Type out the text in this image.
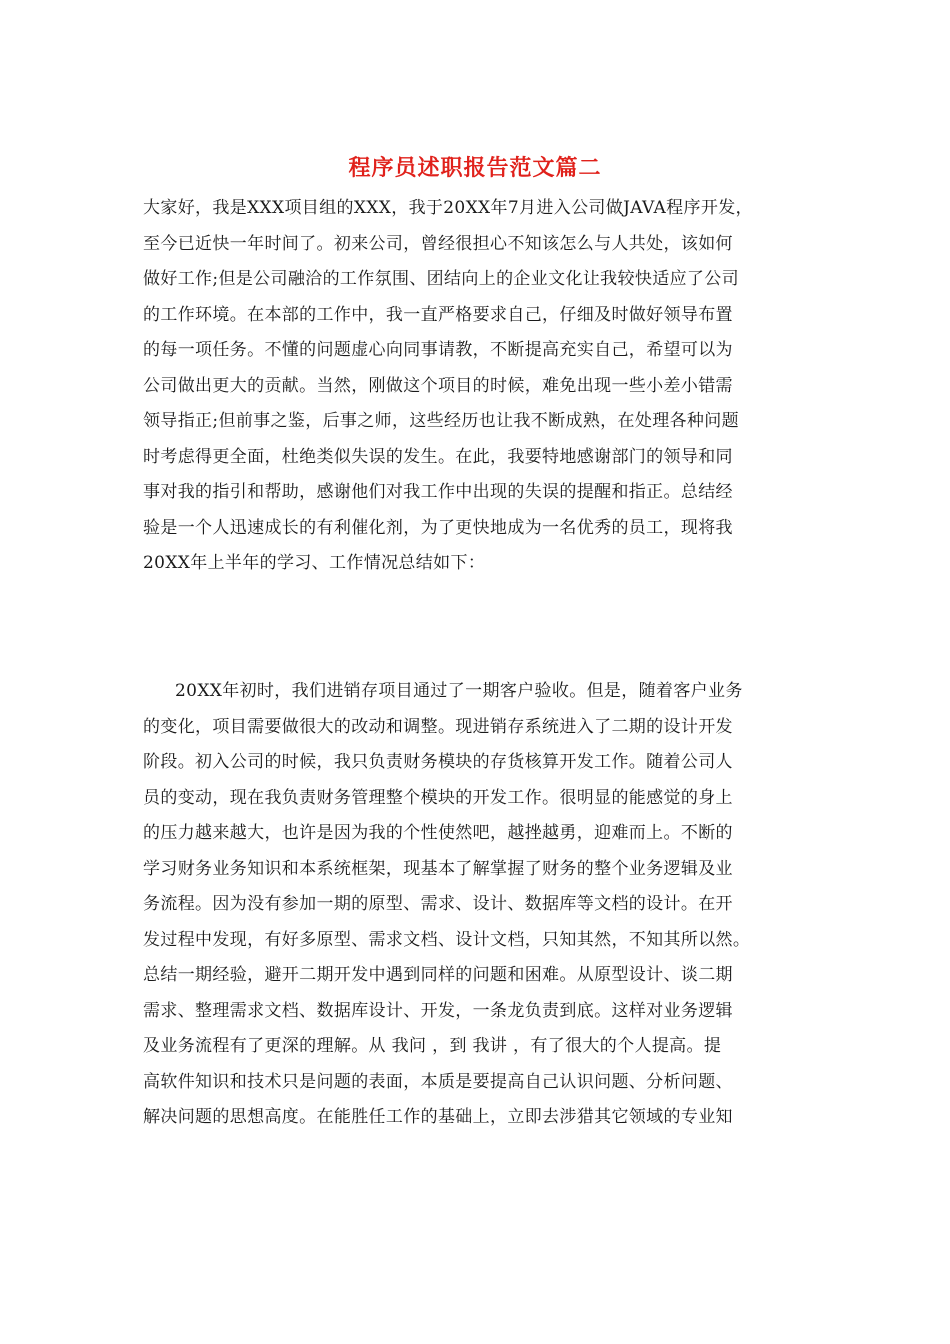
程序员述职报告范文篇二
大家好，我是XXX项目组的XXX，我于20XX年7月进入公司做JAVA程序开发，
至今已近快一年时间了。初来公司，曾经很担心不知该怎么与人共处，该如何
做好工作;但是公司融洽的工作氛围、团结向上的企业文化让我较快适应了公司
的工作环境。在本部的工作中，我一直严格要求自己，仔细及时做好领导布置
的每一项任务。不懂的问题虚心向同事请教，不断提高充实自己，希望可以为
公司做出更大的贡献。当然，刚做这个项目的时候，难免出现一些小差小错需
领导指正;但前事之鉴，后事之师，这些经历也让我不断成熟，在处理各种问题
时考虑得更全面，杜绝类似失误的发生。在此，我要特地感谢部门的领导和同
事对我的指引和帮助，感谢他们对我工作中出现的失误的提醒和指正。总结经
验是一个人迅速成长的有利催化剂，为了更快地成为一名优秀的员工，现将我
20XX年上半年的学习、工作情况总结如下：
20XX年初时，我们进销存项目通过了一期客户验收。但是，随着客户业务
的变化，项目需要做很大的改动和调整。现进销存系统进入了二期的设计开发
阶段。初入公司的时候，我只负责财务模块的存货核算开发工作。随着公司人
员的变动，现在我负责财务管理整个模块的开发工作。很明显的能感觉的身上
的压力越来越大，也许是因为我的个性使然吧，越挫越勇，迎难而上。不断的
学习财务业务知识和本系统框架，现基本了解掌握了财务的整个业务逻辑及业
务流程。因为没有参加一期的原型、需求、设计、数据库等文档的设计。在开
发过程中发现，有好多原型、需求文档、设计文档，只知其然，不知其所以然。
总结一期经验，避开二期开发中遇到同样的问题和困难。从原型设计、谈二期
需求、整理需求文档、数据库设计、开发，一条龙负责到底。这样对业务逻辑
及业务流程有了更深的理解。从 我问 ，到 我讲 ，有了很大的个人提高。提
高软件知识和技术只是问题的表面，本质是要提高自己认识问题、分析问题、
解决问题的思想高度。在能胜任工作的基础上，立即去涉猎其它领域的专业知
